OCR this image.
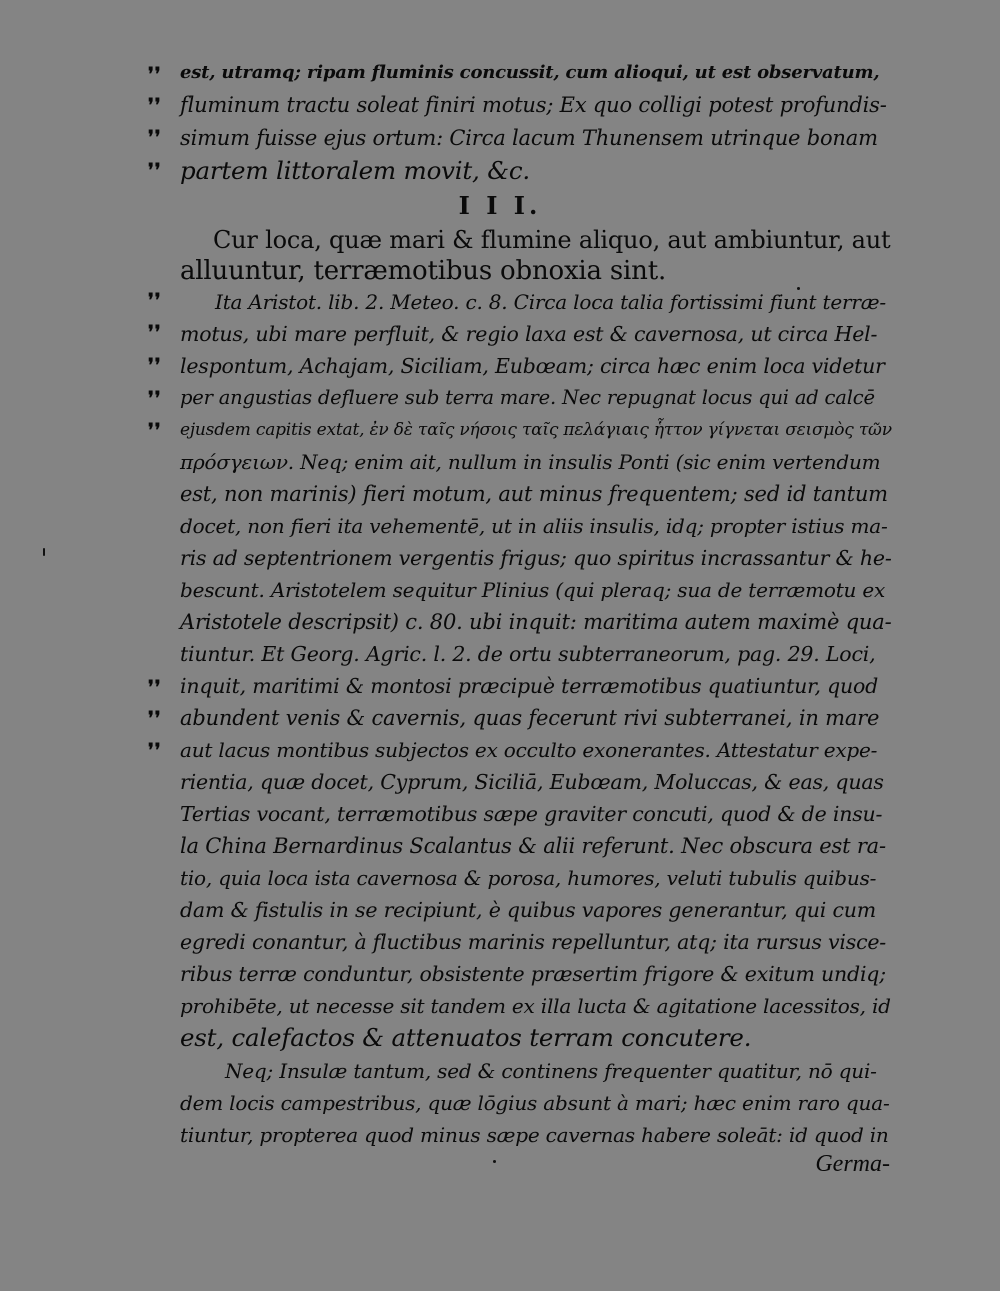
❜❜
❜❜
❜❜
❜❜
est, utramq; ripam fluminis concussit, cum alioqui, ut est observatum,
fluminum tractu soleat finiri motus; Ex quo colligi potest profundis-
simum fuisse ejus ortum: Circa lacum Thunensem utrinque bonam
partem littoralem movit, &c.
I I I.
Cur loca, quæ mari & flumine aliquo, aut ambiuntur, aut
alluuntur, terræmotibus obnoxia sint.
❜❜
❜❜
❜❜
❜❜
❜❜
❜❜
❜❜
❜❜
Ita Aristot. lib. 2. Meteo. c. 8. Circa loca talia fortissimi fiunt terræ-
motus, ubi mare perfluit, & regio laxa est & cavernosa, ut circa Hel-
lespontum, Achajam, Siciliam, Eubœam; circa hæc enim loca videtur
per angustias defluere sub terra mare. Nec repugnat locus qui ad calcē
ejusdem capitis extat, ἐν δὲ ταῖς νήσοις ταῖς πελάγιαις ἧττον γίγνεται σεισμὸς τῶν
πρόσγειων. Neq; enim ait, nullum in insulis Ponti (sic enim vertendum
est, non marinis) fieri motum, aut minus frequentem; sed id tantum
docet, non fieri ita vehementē, ut in aliis insulis, idq; propter istius ma-
ris ad septentrionem vergentis frigus; quo spiritus incrassantur & he-
bescunt. Aristotelem sequitur Plinius (qui pleraq; sua de terræmotu ex
Aristotele descripsit) c. 80. ubi inquit: maritima autem maximè qua-
tiuntur. Et Georg. Agric. l. 2. de ortu subterraneorum, pag. 29. Loci,
inquit, maritimi & montosi præcipuè terræmotibus quatiuntur, quod
abundent venis & cavernis, quas fecerunt rivi subterranei, in mare
aut lacus montibus subjectos ex occulto exonerantes. Attestatur expe-
rientia, quæ docet, Cyprum, Siciliā, Eubœam, Moluccas, & eas, quas
Tertias vocant, terræmotibus sæpe graviter concuti, quod & de insu-
la China Bernardinus Scalantus & alii referunt. Nec obscura est ra-
tio, quia loca ista cavernosa & porosa, humores, veluti tubulis quibus-
dam & fistulis in se recipiunt, è quibus vapores generantur, qui cum
egredi conantur, à fluctibus marinis repelluntur, atq; ita rursus visce-
ribus terræ conduntur, obsistente præsertim frigore & exitum undiq;
prohibēte, ut necesse sit tandem ex illa lucta & agitatione lacessitos, id
est, calefactos & attenuatos terram concutere.
Neq; Insulæ tantum, sed & continens frequenter quatitur, nō qui-
dem locis campestribus, quæ lōgius absunt à mari; hæc enim raro qua-
tiuntur, propterea quod minus sæpe cavernas habere soleāt: id quod in
Germa-
